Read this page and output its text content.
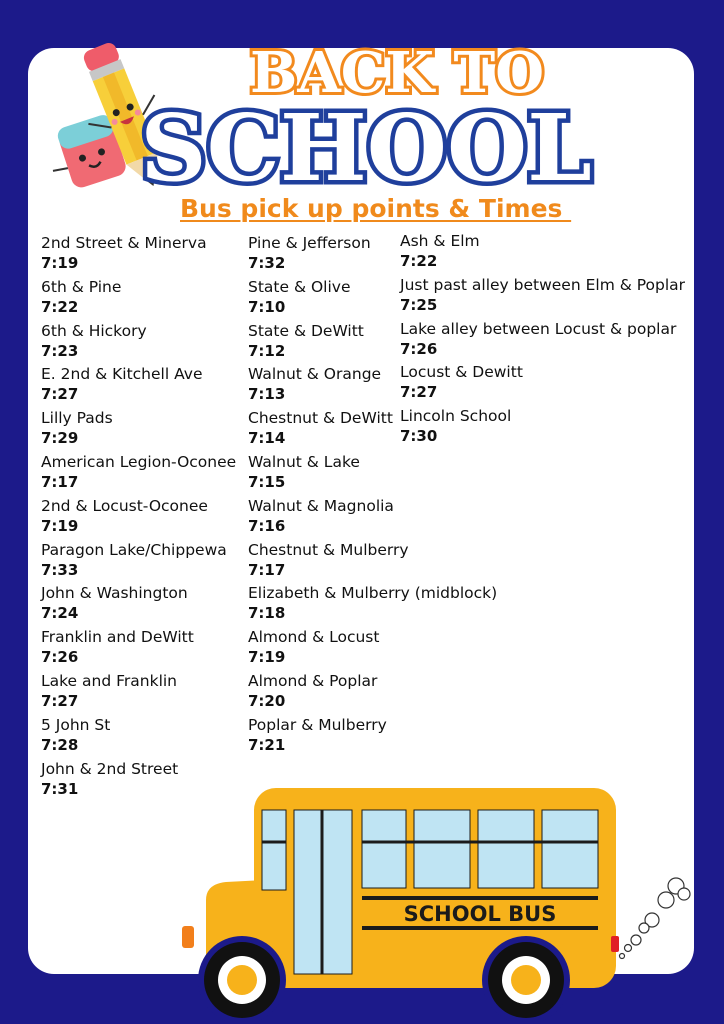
BACK TO
SCHOOL
Bus pick up points & Times
2nd Street & Minerva
7:19
6th & Pine
7:22
6th & Hickory
7:23
E. 2nd & Kitchell Ave
7:27
Lilly Pads
7:29
American Legion-Oconee
7:17
2nd & Locust-Oconee
7:19
Paragon Lake/Chippewa
7:33
John & Washington
7:24
Franklin and DeWitt
7:26
Lake and Franklin
7:27
5 John St
7:28
John & 2nd Street
7:31
Pine & Jefferson
7:32
State & Olive
7:10
State & DeWitt
7:12
Walnut & Orange
7:13
Chestnut & DeWitt
7:14
Walnut & Lake
7:15
Walnut & Magnolia
7:16
Chestnut & Mulberry
7:17
Elizabeth & Mulberry (midblock)
7:18
Almond & Locust
7:19
Almond & Poplar
7:20
Poplar & Mulberry
7:21
Ash & Elm
7:22
Just past alley between Elm & Poplar
7:25
Lake alley between Locust & poplar
7:26
Locust & Dewitt
7:27
Lincoln School
7:30
SCHOOL BUS
